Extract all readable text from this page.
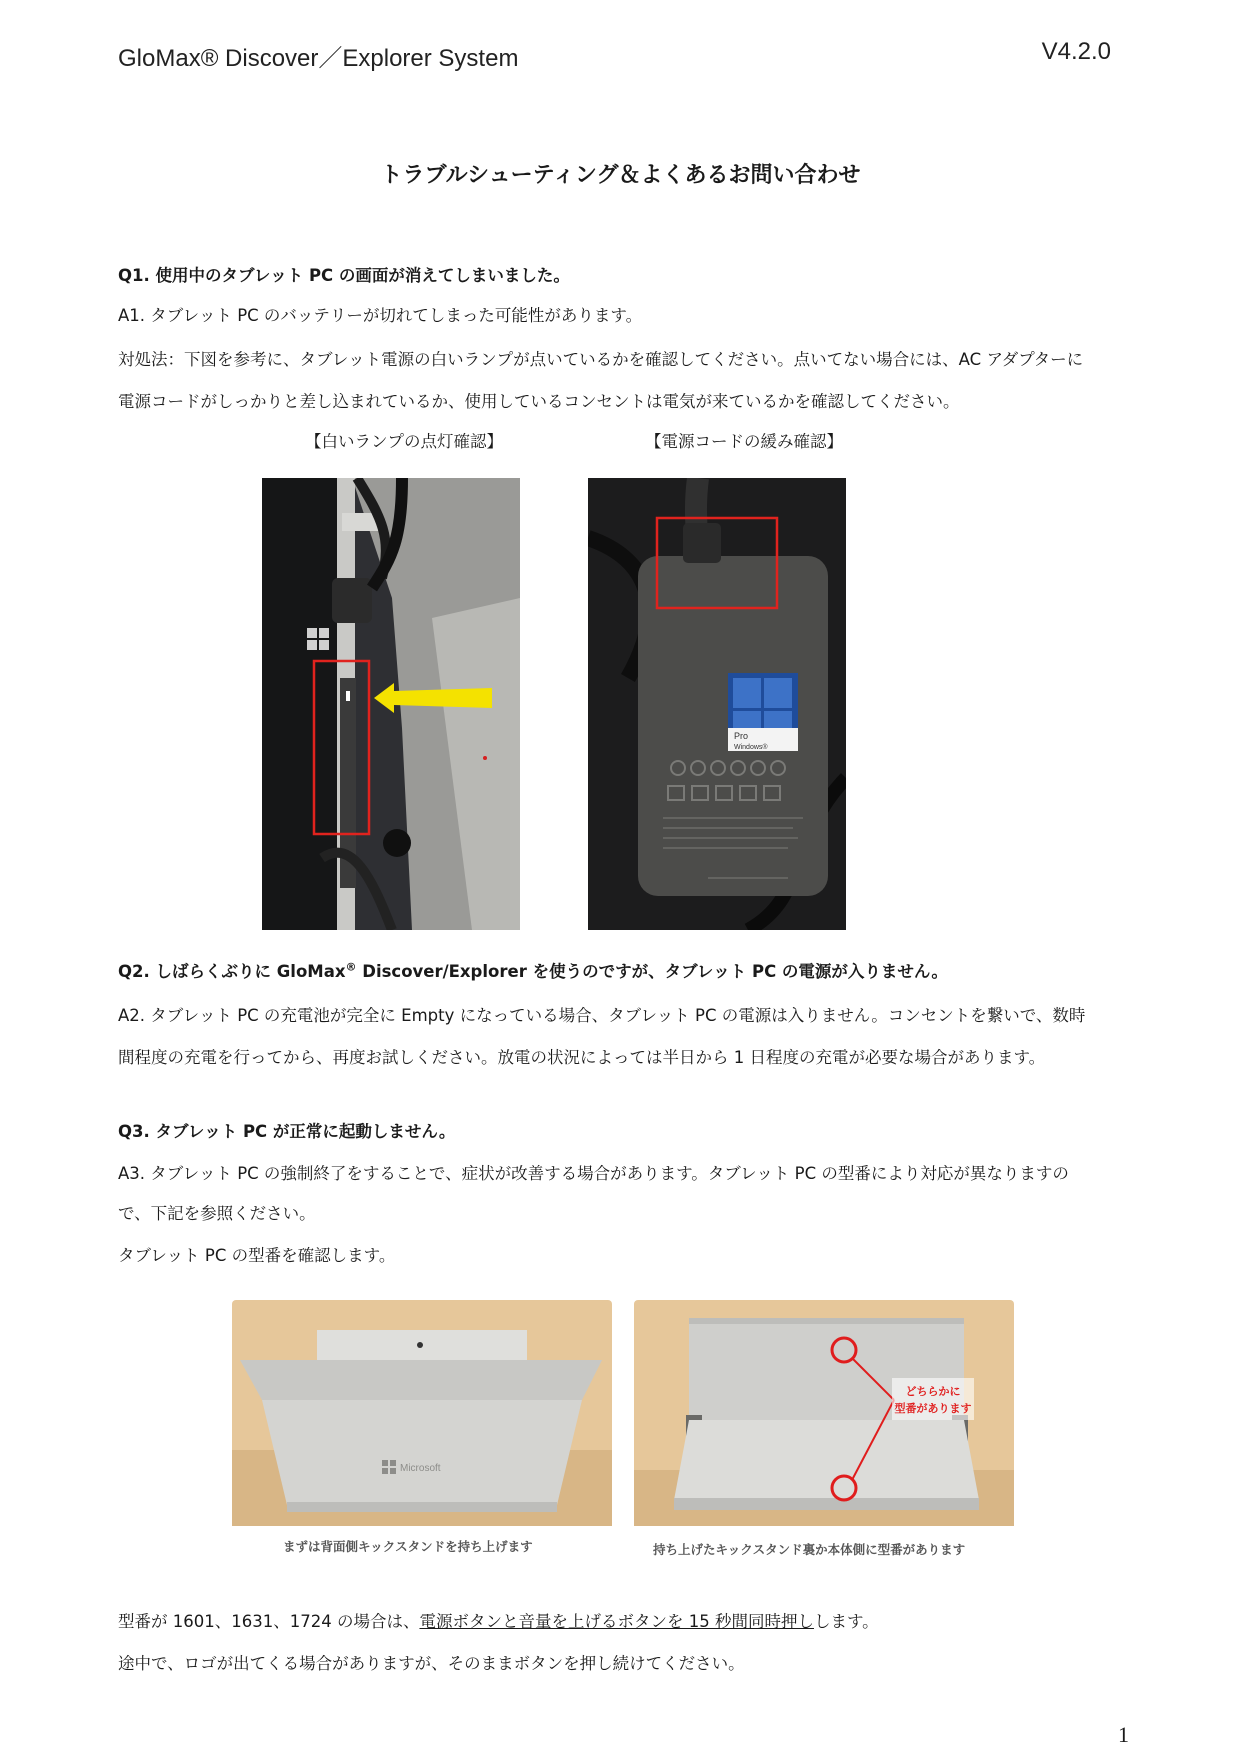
GloMax® Discover／Explorer System	V4.2.0
トラブルシューティング＆よくあるお問い合わせ
Q1. 使用中のタブレット PC の画面が消えてしまいました。
A1. タブレット PC のバッテリーが切れてしまった可能性があります。
対処法：下図を参考に、タブレット電源の白いランプが点いているかを確認してください。点いてない場合には、AC アダプターに
電源コードがしっかりと差し込まれているか、使用しているコンセントは電気が来ているかを確認してください。
【白いランプの点灯確認】	【電源コードの緩み確認】
Pro
Windows®
Q2. しばらくぶりに GloMax® Discover/Explorer を使うのですが、タブレット PC の電源が入りません。
A2. タブレット PC の充電池が完全に Empty になっている場合、タブレット PC の電源は入りません。コンセントを繋いで、数時
間程度の充電を行ってから、再度お試しください。放電の状況によっては半日から 1 日程度の充電が必要な場合があります。
Q3. タブレット PC が正常に起動しません。
A3. タブレット PC の強制終了をすることで、症状が改善する場合があります。タブレット PC の型番により対応が異なりますの
で、下記を参照ください。
タブレット PC の型番を確認します。
Microsoft
まずは背面側キックスタンドを持ち上げます
どちらかに
型番があります
持ち上げたキックスタンド裏か本体側に型番があります
型番が 1601、1631、1724 の場合は、電源ボタンと音量を上げるボタンを 15 秒間同時押しします。
途中で、ロゴが出てくる場合がありますが、そのままボタンを押し続けてください。
1
